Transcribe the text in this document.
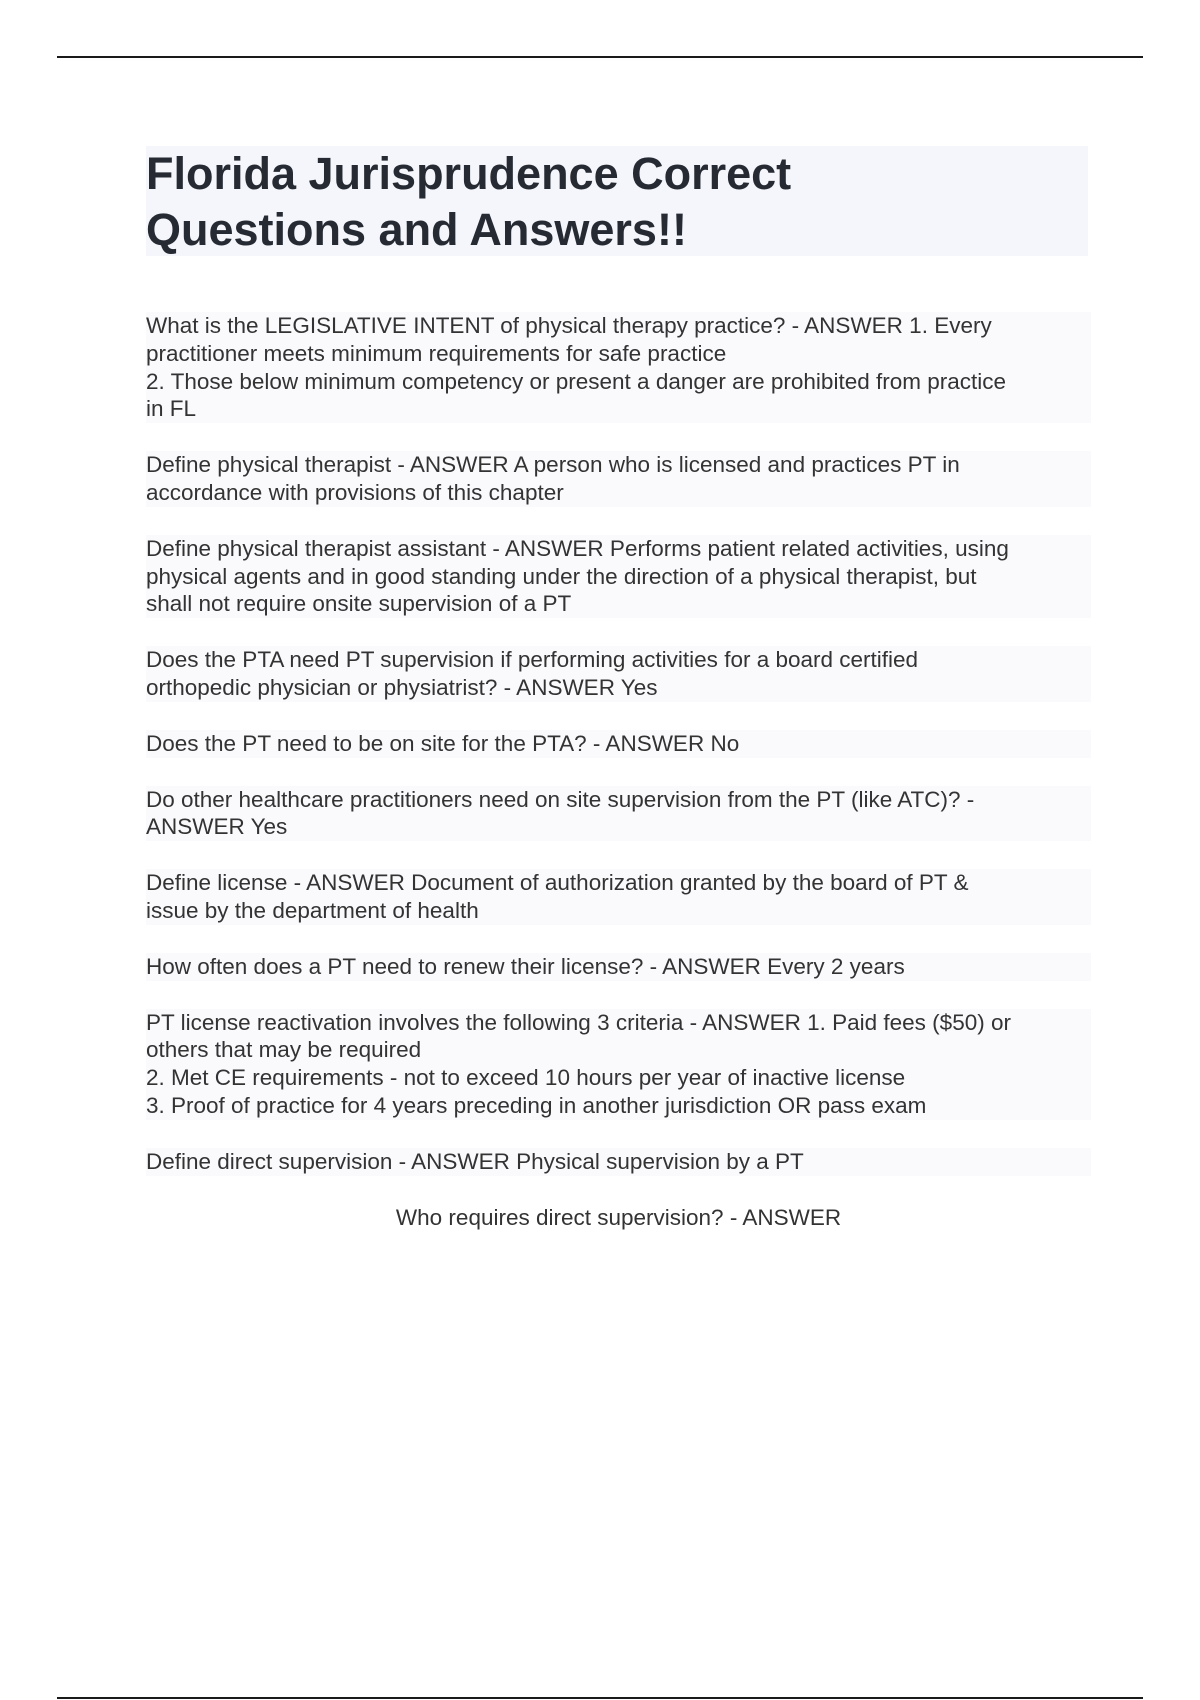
Florida Jurisprudence Correct
Questions and Answers!!

What is the LEGISLATIVE INTENT of physical therapy practice? - ANSWER 1. Every
practitioner meets minimum requirements for safe practice
2. Those below minimum competency or present a danger are prohibited from practice
in FL

Define physical therapist - ANSWER A person who is licensed and practices PT in
accordance with provisions of this chapter

Define physical therapist assistant - ANSWER Performs patient related activities, using
physical agents and in good standing under the direction of a physical therapist, but
shall not require onsite supervision of a PT

Does the PTA need PT supervision if performing activities for a board certified
orthopedic physician or physiatrist? - ANSWER Yes

Does the PT need to be on site for the PTA? - ANSWER No

Do other healthcare practitioners need on site supervision from the PT (like ATC)? -
ANSWER Yes

Define license - ANSWER Document of authorization granted by the board of PT &
issue by the department of health

How often does a PT need to renew their license? - ANSWER Every 2 years

PT license reactivation involves the following 3 criteria - ANSWER 1. Paid fees ($50) or
others that may be required
2. Met CE requirements - not to exceed 10 hours per year of inactive license
3. Proof of practice for 4 years preceding in another jurisdiction OR pass exam

Define direct supervision - ANSWER Physical supervision by a PT

Who requires direct supervision? - ANSWER
